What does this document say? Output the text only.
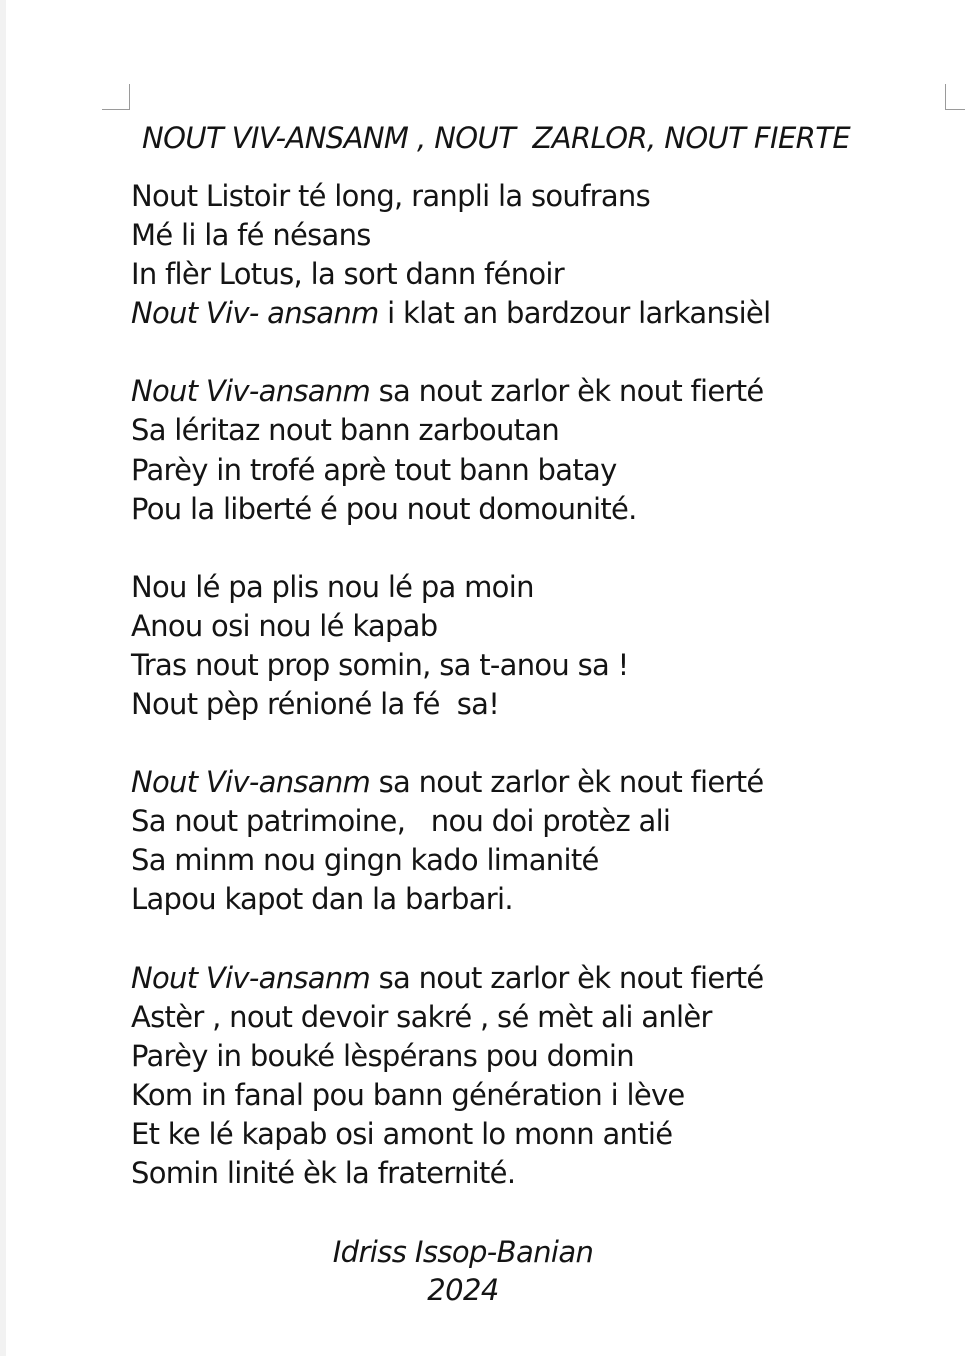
NOUT VIV-ANSANM , NOUT  ZARLOR, NOUT FIERTE
Nout Listoir té long, ranpli la soufrans
Mé li la fé nésans
In flèr Lotus, la sort dann fénoir
Nout Viv- ansanm i klat an bardzour larkansièl
Nout Viv-ansanm sa nout zarlor èk nout fierté
Sa léritaz nout bann zarboutan
Parèy in trofé aprè tout bann batay
Pou la liberté é pou nout domounité.
Nou lé pa plis nou lé pa moin
Anou osi nou lé kapab
Tras nout prop somin, sa t-anou sa !
Nout pèp rénioné la fé  sa!
Nout Viv-ansanm sa nout zarlor èk nout fierté
Sa nout patrimoine,   nou doi protèz ali
Sa minm nou gingn kado limanité
Lapou kapot dan la barbari.
Nout Viv-ansanm sa nout zarlor èk nout fierté
Astèr , nout devoir sakré , sé mèt ali anlèr
Parèy in bouké lèspérans pou domin
Kom in fanal pou bann génération i lève
Et ke lé kapab osi amont lo monn antié
Somin linité èk la fraternité.
Idriss Issop-Banian
2024
